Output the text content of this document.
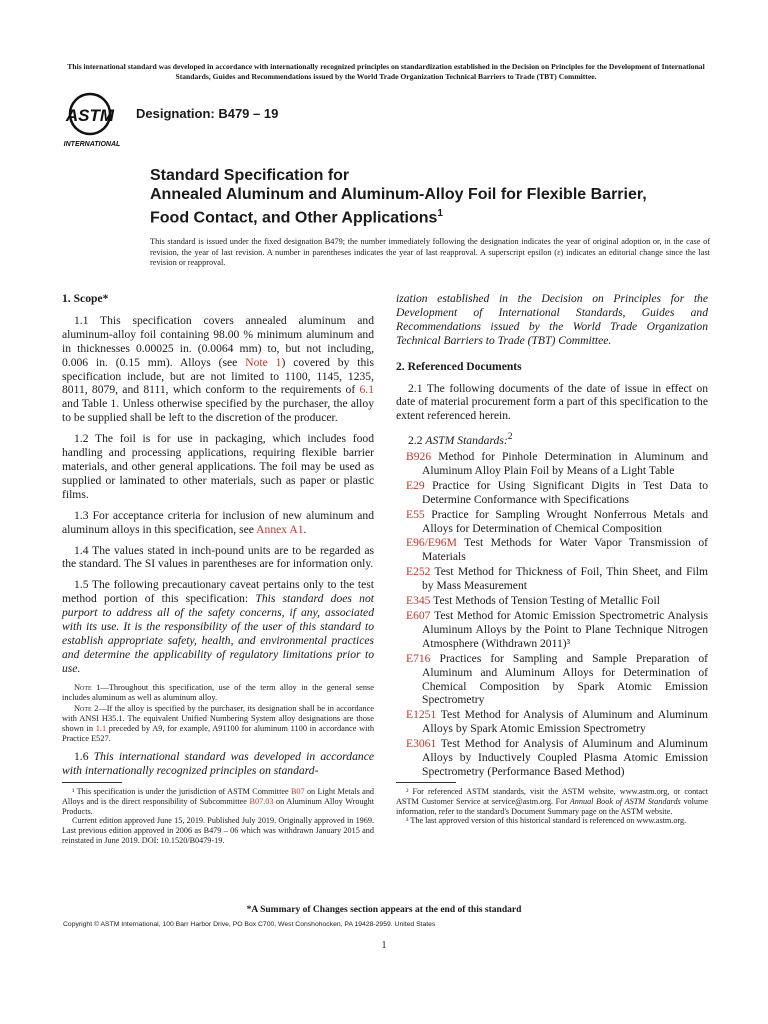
This international standard was developed in accordance with internationally recognized principles on standardization established in the Decision on Principles for the Development of International Standards, Guides and Recommendations issued by the World Trade Organization Technical Barriers to Trade (TBT) Committee.
ASTM
INTERNATIONAL
Designation: B479 – 19
Standard Specification for
Annealed Aluminum and Aluminum-Alloy Foil for Flexible Barrier, Food Contact, and Other Applications$^1$
This standard is issued under the fixed designation B479; the number immediately following the designation indicates the year of original adoption or, in the case of revision, the year of last revision. A number in parentheses indicates the year of last reapproval. A superscript epsilon (ε) indicates an editorial change since the last revision or reapproval.
1. Scope*

1.1 This specification covers annealed aluminum and aluminum-alloy foil containing 98.00 % minimum aluminum and in thicknesses 0.00025 in. (0.0064 mm) to, but not including, 0.006 in. (0.15 mm). Alloys (see Note 1) covered by this specification include, but are not limited to 1100, 1145, 1235, 8011, 8079, and 8111, which conform to the requirements of 6.1 and Table 1. Unless otherwise specified by the purchaser, the alloy to be supplied shall be left to the discretion of the producer.

1.2 The foil is for use in packaging, which includes food handling and processing applications, requiring flexible barrier materials, and other general applications. The foil may be used as supplied or laminated to other materials, such as paper or plastic films.

1.3 For acceptance criteria for inclusion of new aluminum and aluminum alloys in this specification, see Annex A1.

1.4 The values stated in inch-pound units are to be regarded as the standard. The SI values in parentheses are for information only.

1.5 The following precautionary caveat pertains only to the test method portion of this specification: This standard does not purport to address all of the safety concerns, if any, associated with its use. It is the responsibility of the user of this standard to establish appropriate safety, health, and environmental practices and determine the applicability of regulatory limitations prior to use.

Note 1—Throughout this specification, use of the term alloy in the general sense includes aluminum as well as aluminum alloy.
Note 2—If the alloy is specified by the purchaser, its designation shall be in accordance with ANSI H35.1. The equivalent Unified Numbering System alloy designations are those shown in 1.1 preceded by A9, for example, A91100 for aluminum 1100 in accordance with Practice E527.

1.6 This international standard was developed in accordance with internationally recognized principles on standard-

ization established in the Decision on Principles for the Development of International Standards, Guides and Recommendations issued by the World Trade Organization Technical Barriers to Trade (TBT) Committee.

2. Referenced Documents

2.1 The following documents of the date of issue in effect on date of material procurement form a part of this specification to the extent referenced herein.

2.2 ASTM Standards:$^2$

B926 Method for Pinhole Determination in Aluminum and Aluminum Alloy Plain Foil by Means of a Light Table
E29 Practice for Using Significant Digits in Test Data to Determine Conformance with Specifications
E55 Practice for Sampling Wrought Nonferrous Metals and Alloys for Determination of Chemical Composition
E96/E96M Test Methods for Water Vapor Transmission of Materials
E252 Test Method for Thickness of Foil, Thin Sheet, and Film by Mass Measurement
E345 Test Methods of Tension Testing of Metallic Foil
E607 Test Method for Atomic Emission Spectrometric Analysis Aluminum Alloys by the Point to Plane Technique Nitrogen Atmosphere (Withdrawn 2011)³
E716 Practices for Sampling and Sample Preparation of Aluminum and Aluminum Alloys for Determination of Chemical Composition by Spark Atomic Emission Spectrometry
E1251 Test Method for Analysis of Aluminum and Aluminum Alloys by Spark Atomic Emission Spectrometry
E3061 Test Method for Analysis of Aluminum and Aluminum Alloys by Inductively Coupled Plasma Atomic Emission Spectrometry (Performance Based Method)

¹ This specification is under the jurisdiction of ASTM Committee B07 on Light Metals and Alloys and is the direct responsibility of Subcommittee B07.03 on Aluminum Alloy Wrought Products.

Current edition approved June 15, 2019. Published July 2019. Originally approved in 1969. Last previous edition approved in 2006 as B479 – 06 which was withdrawn January 2015 and reinstated in June 2019. DOI: 10.1520/B0479-19.

² For referenced ASTM standards, visit the ASTM website, www.astm.org, or contact ASTM Customer Service at service@astm.org. For Annual Book of ASTM Standards volume information, refer to the standard's Document Summary page on the ASTM website.

³ The last approved version of this historical standard is referenced on www.astm.org.

*A Summary of Changes section appears at the end of this standard
Copyright © ASTM International, 100 Barr Harbor Drive, PO Box C700, West Conshohocken, PA 19428-2959. United States
1
